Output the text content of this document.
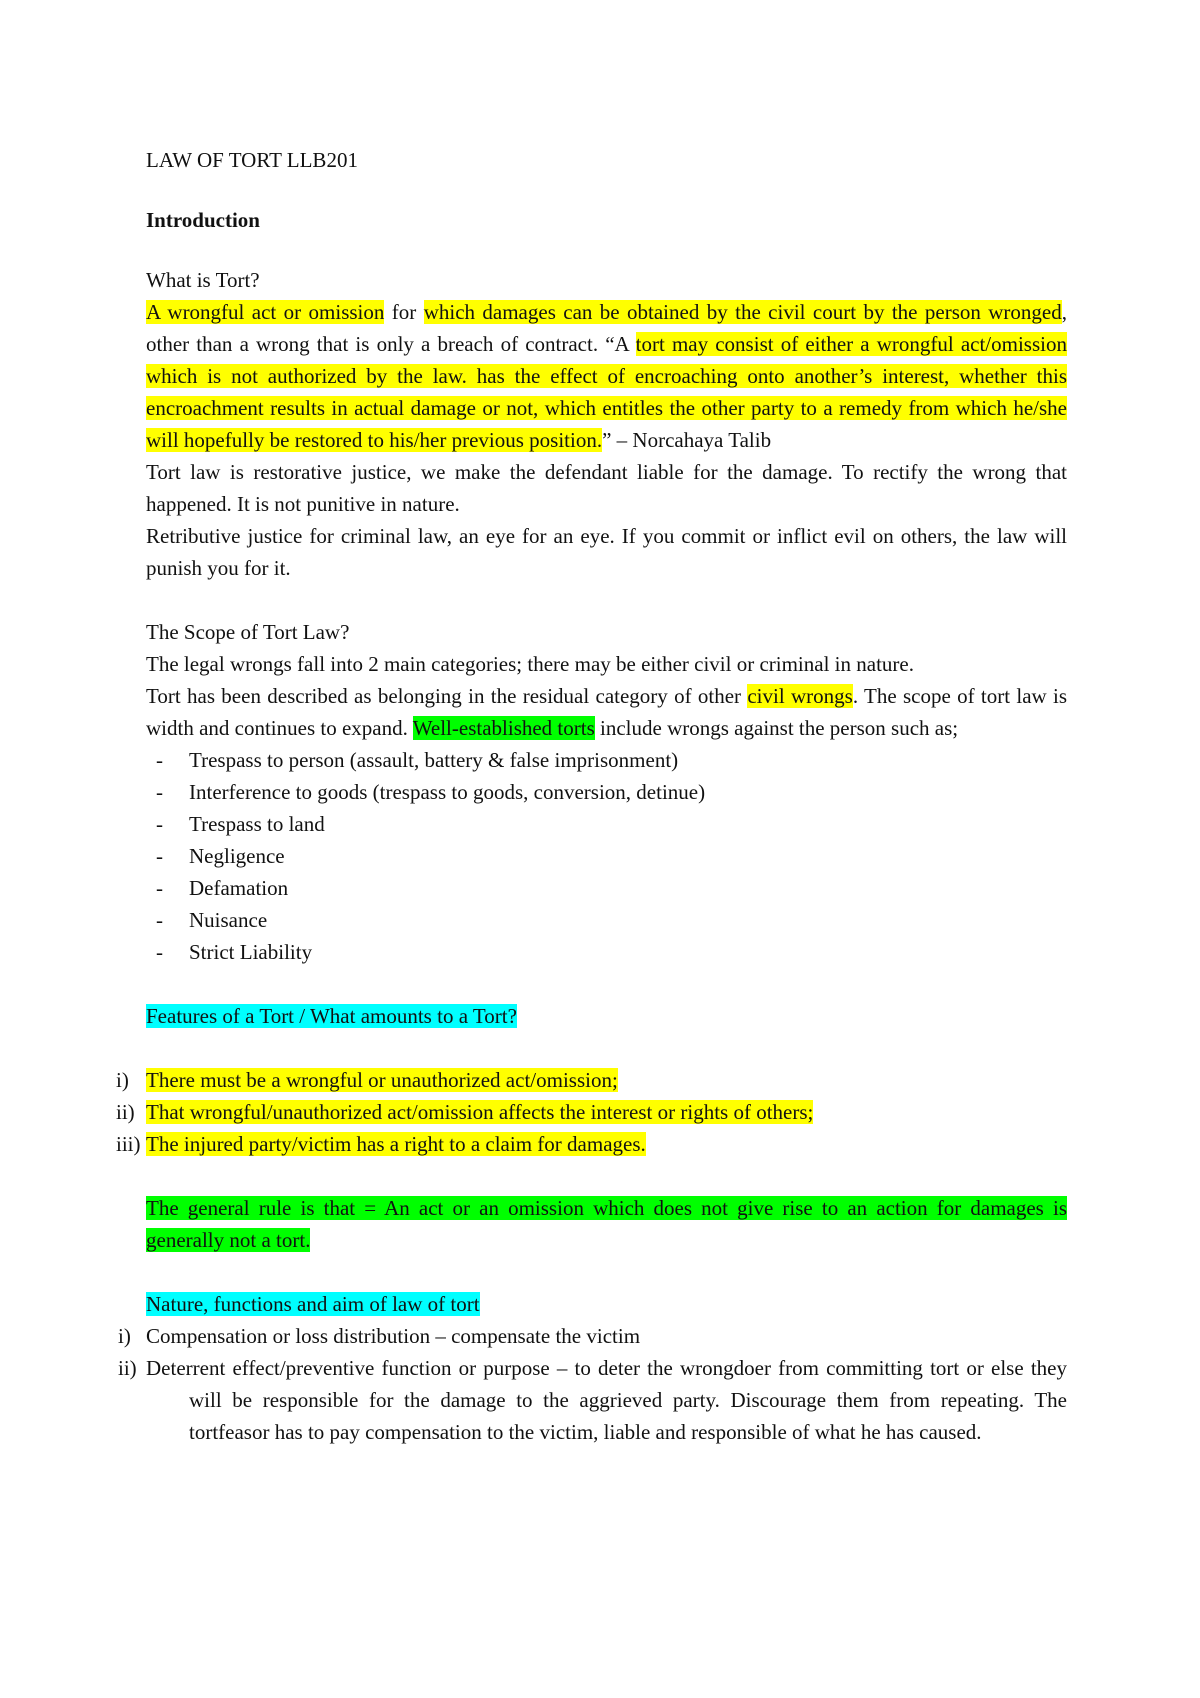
LAW OF TORT LLB201

Introduction

What is Tort?

A wrongful act or omission for which damages can be obtained by the civil court by the person wronged, other than a wrong that is only a breach of contract. “A tort may consist of either a wrongful act/omission which is not authorized by the law. has the effect of encroaching onto another’s interest, whether this encroachment results in actual damage or not, which entitles the other party to a remedy from which he/she will hopefully be restored to his/her previous position.” – Norcahaya Talib

Tort law is restorative justice, we make the defendant liable for the damage. To rectify the wrong that happened. It is not punitive in nature.

Retributive justice for criminal law, an eye for an eye. If you commit or inflict evil on others, the law will punish you for it.

The Scope of Tort Law?

The legal wrongs fall into 2 main categories; there may be either civil or criminal in nature.

Tort has been described as belonging in the residual category of other civil wrongs. The scope of tort law is width and continues to expand. Well-established torts include wrongs against the person such as;

- Trespass to person (assault, battery & false imprisonment)
- Interference to goods (trespass to goods, conversion, detinue)
- Trespass to land
- Negligence
- Defamation
- Nuisance
- Strict Liability

Features of a Tort / What amounts to a Tort?

i) There must be a wrongful or unauthorized act/omission;
ii) That wrongful/unauthorized act/omission affects the interest or rights of others;
iii) The injured party/victim has a right to a claim for damages.

The general rule is that = An act or an omission which does not give rise to an action for damages is generally not a tort.

Nature, functions and aim of law of tort

i) Compensation or loss distribution – compensate the victim
ii) Deterrent effect/preventive function or purpose – to deter the wrongdoer from committing tort or else they will be responsible for the damage to the aggrieved party. Discourage them from repeating. The tortfeasor has to pay compensation to the victim, liable and responsible of what he has caused.
